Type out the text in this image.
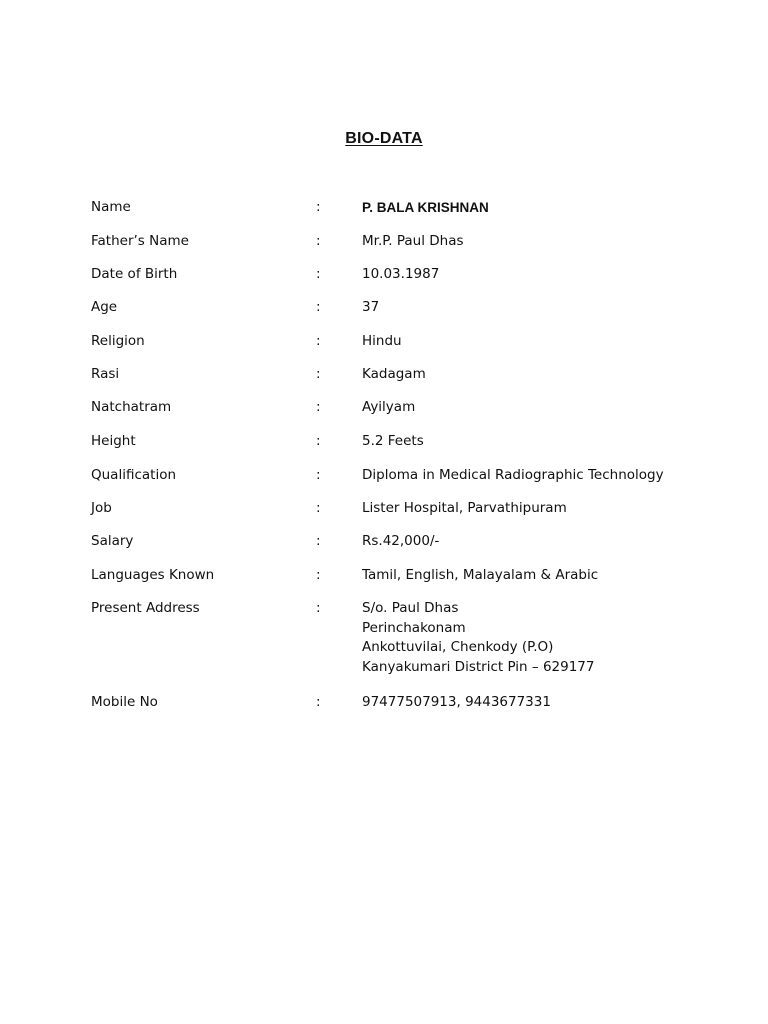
BIO-DATA
Name	:	P. BALA KRISHNAN
Father’s Name	:	Mr.P. Paul Dhas
Date of Birth	:	10.03.1987
Age	:	37
Religion	:	Hindu
Rasi	:	Kadagam
Natchatram	:	Ayilyam
Height	:	5.2 Feets
Qualification	:	Diploma in Medical Radiographic Technology
Job	:	Lister Hospital, Parvathipuram
Salary	:	Rs.42,000/-
Languages Known	:	Tamil, English, Malayalam & Arabic
Present Address	:	S/o. Paul Dhas
Perinchakonam
Ankottuvilai, Chenkody (P.O)
Kanyakumari District Pin – 629177
Mobile No	:	97477507913, 9443677331
